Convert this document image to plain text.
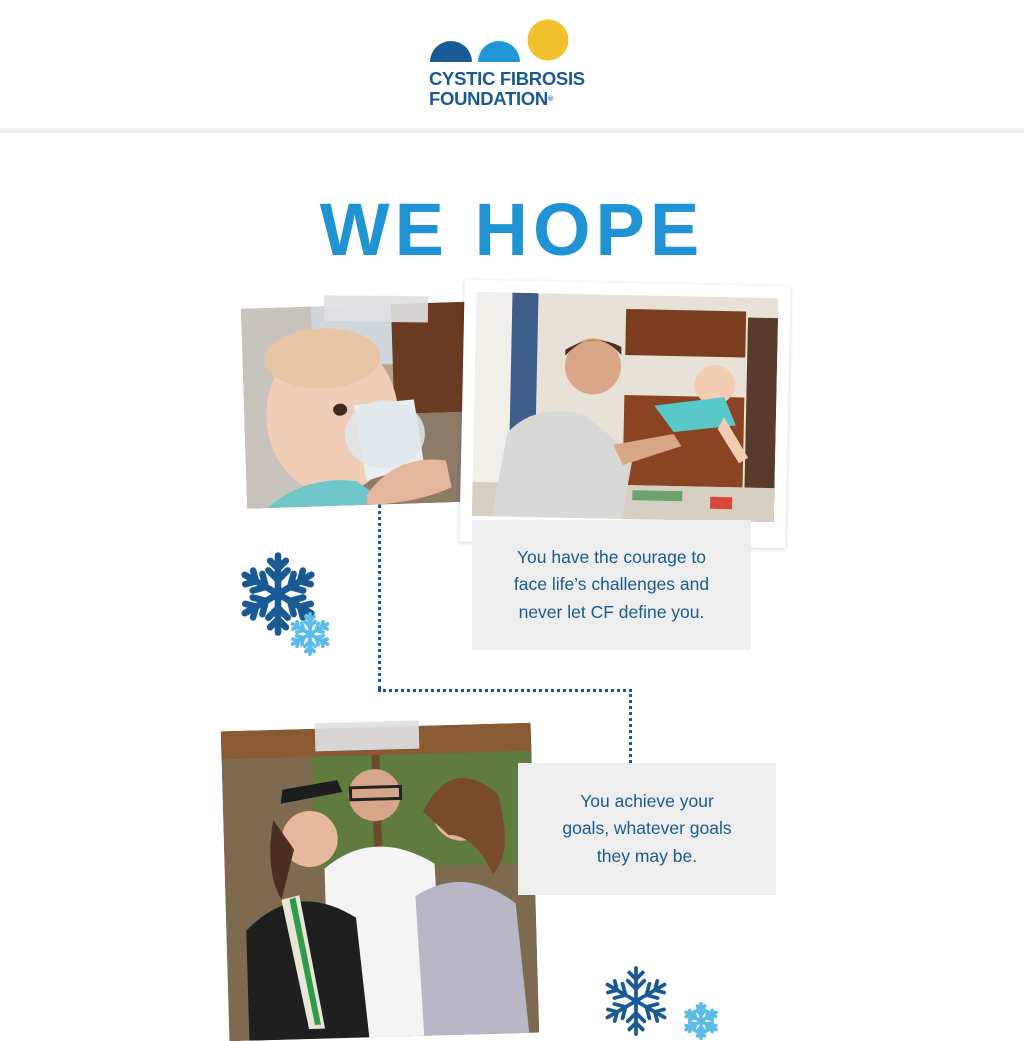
CYSTIC FIBROSIS
FOUNDATION®
WE HOPE
You have the courage to
face life’s challenges and
never let CF define you.
You achieve your
goals, whatever goals
they may be.
